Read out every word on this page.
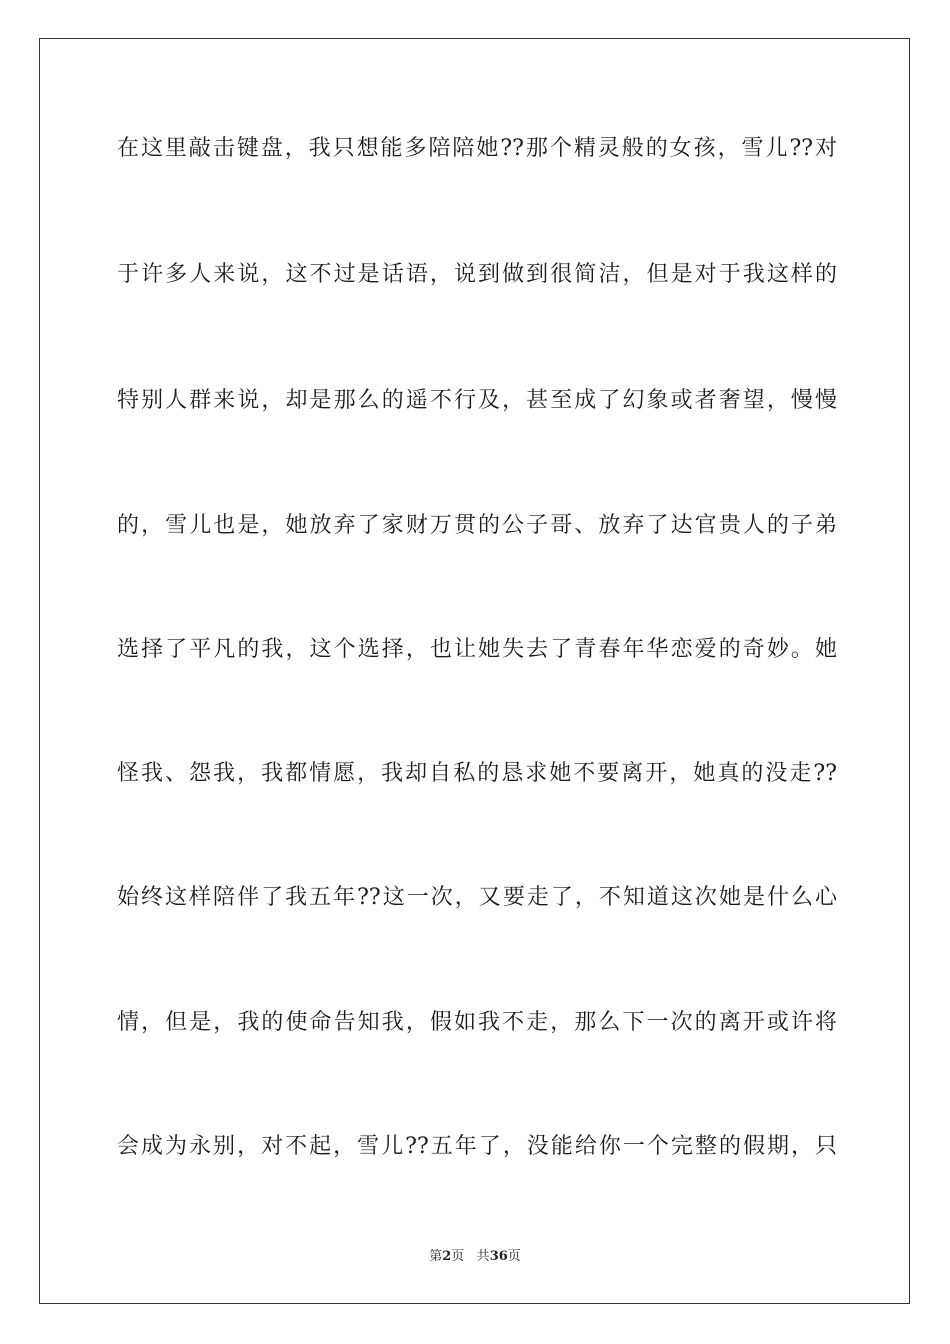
在这里敲击键盘，我只想能多陪陪她??那个精灵般的女孩，雪儿??对
于许多人来说，这不过是话语，说到做到很简洁，但是对于我这样的
特别人群来说，却是那么的遥不行及，甚至成了幻象或者奢望，慢慢
的，雪儿也是，她放弃了家财万贯的公子哥、放弃了达官贵人的子弟
选择了平凡的我，这个选择，也让她失去了青春年华恋爱的奇妙。她
怪我、怨我，我都情愿，我却自私的恳求她不要离开，她真的没走??
始终这样陪伴了我五年??这一次，又要走了，不知道这次她是什么心
情，但是，我的使命告知我，假如我不走，那么下一次的离开或许将
会成为永别，对不起，雪儿??五年了，没能给你一个完整的假期，只
第2页 共36页
